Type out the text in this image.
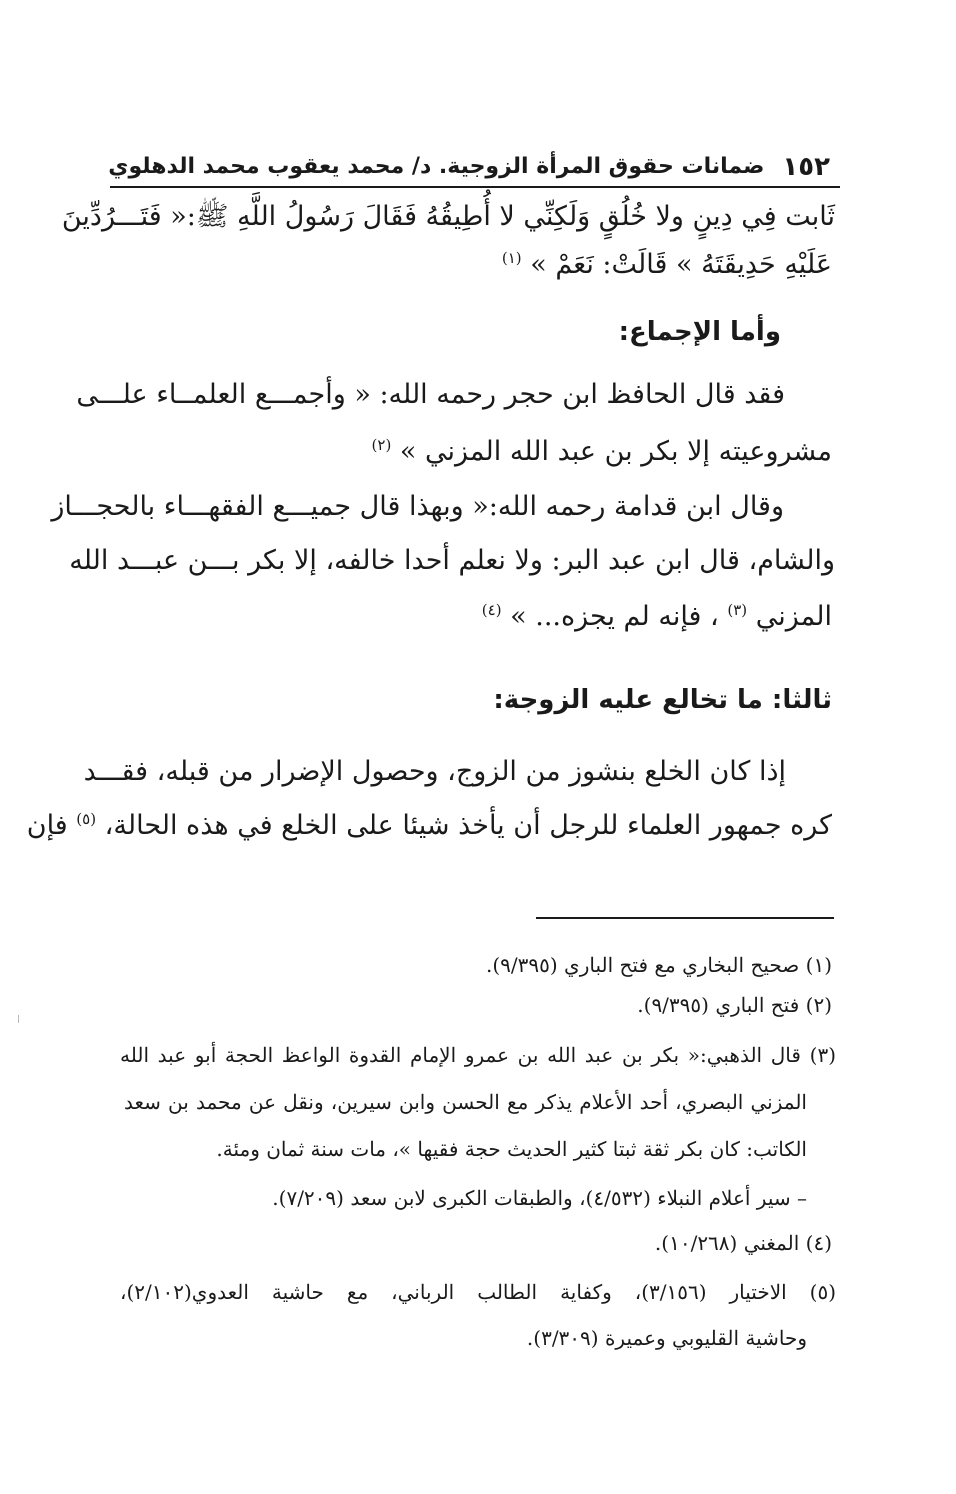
١٥٢
ضمانات حقوق المرأة الزوجية. د/ محمد يعقوب محمد الدهلوي
ثَابت فِي دِينٍ ولا خُلُقٍ وَلَكِنِّي لا أُطِيقُهُ فَقَالَ رَسُولُ اللَّهِ ﷺ:« فَتَـــرُدِّينَ
عَلَيْهِ حَدِيقَتَهُ » قَالَتْ: نَعَمْ » $^{(١)}$
وأما الإجماع:
فقد قال الحافظ ابن حجر رحمه الله: « وأجمـــع العلمــاء علـــى
مشروعيته إلا بكر بن عبد الله المزني » $^{(٢)}$
وقال ابن قدامة رحمه الله:« وبهذا قال جميـــع الفقهـــاء بالحجـــاز
والشام، قال ابن عبد البر: ولا نعلم أحدا خالفه، إلا بكر بـــن عبـــد الله
المزني $^{(٣)}$ ، فإنه لم يجزه... » $^{(٤)}$
ثالثا: ما تخالع عليه الزوجة:
إذا كان الخلع بنشوز من الزوج، وحصول الإضرار من قبله، فقـــد
كره جمهور العلماء للرجل أن يأخذ شيئا على الخلع في هذه الحالة، $^{(٥)}$ فإن
(١) صحيح البخاري مع فتح الباري (٩/٣٩٥).
(٢) فتح الباري (٩/٣٩٥).
(٣) قال الذهبي:« بكر بن عبد الله بن عمرو الإمام القدوة الواعظ الحجة أبو عبد الله
المزني البصري، أحد الأعلام يذكر مع الحسن وابن سيرين، ونقل عن محمد بن سعد
الكاتب: كان بكر ثقة ثبتا كثير الحديث حجة فقيها »، مات سنة ثمان ومئة.
– سير أعلام النبلاء (٤/٥٣٢)، والطبقات الكبرى لابن سعد (٧/٢٠٩).
(٤) المغني (١٠/٢٦٨).
(٥) الاختيار (٣/١٥٦)، وكفاية الطالب الرباني، مع حاشية العدوي(٢/١٠٢)،
وحاشية القليوبي وعميرة (٣/٣٠٩).
